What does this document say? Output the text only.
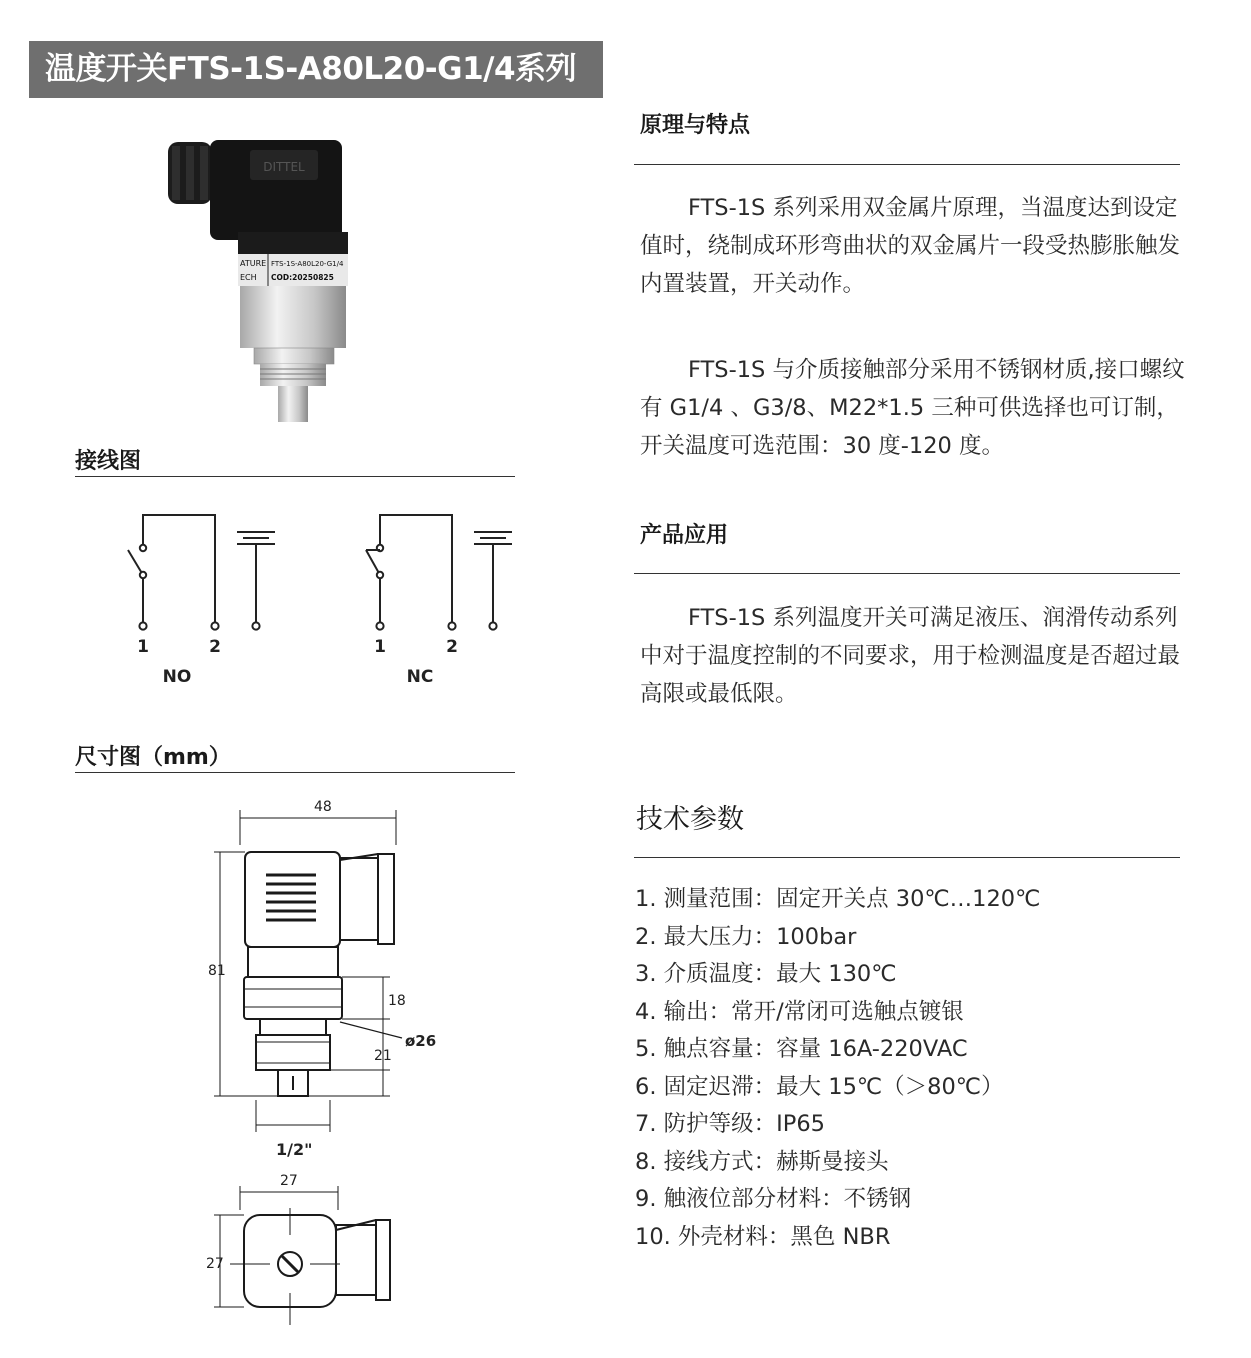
温度开关FTS-1S-A80L20-G1/4系列
DITTEL
ATURE
ECH
FTS-1S-A80L20-G1/4
COD:20250825
接线图
1	2
NO
1	2
NC
尺寸图（mm）
48
81
18
ø26
21
1/2"
27
27
原理与特点
FTS-1S 系列采用双金属片原理，当温度达到设定值时，绕制成环形弯曲状的双金属片一段受热膨胀触发内置装置，开关动作。
FTS-1S 与介质接触部分采用不锈钢材质,接口螺纹有 G1/4 、G3/8、M22*1.5 三种可供选择也可订制，开关温度可选范围：30 度-120 度。
产品应用
FTS-1S 系列温度开关可满足液压、润滑传动系列中对于温度控制的不同要求，用于检测温度是否超过最高限或最低限。
技术参数
1. 测量范围：固定开关点 30℃…120℃
2. 最大压力：100bar
3. 介质温度：最大 130℃
4. 输出：常开/常闭可选触点镀银
5. 触点容量：容量 16A-220VAC
6. 固定迟滞：最大 15℃（＞80℃）
7. 防护等级：IP65
8. 接线方式：赫斯曼接头
9. 触液位部分材料：不锈钢
10. 外壳材料：黑色 NBR
